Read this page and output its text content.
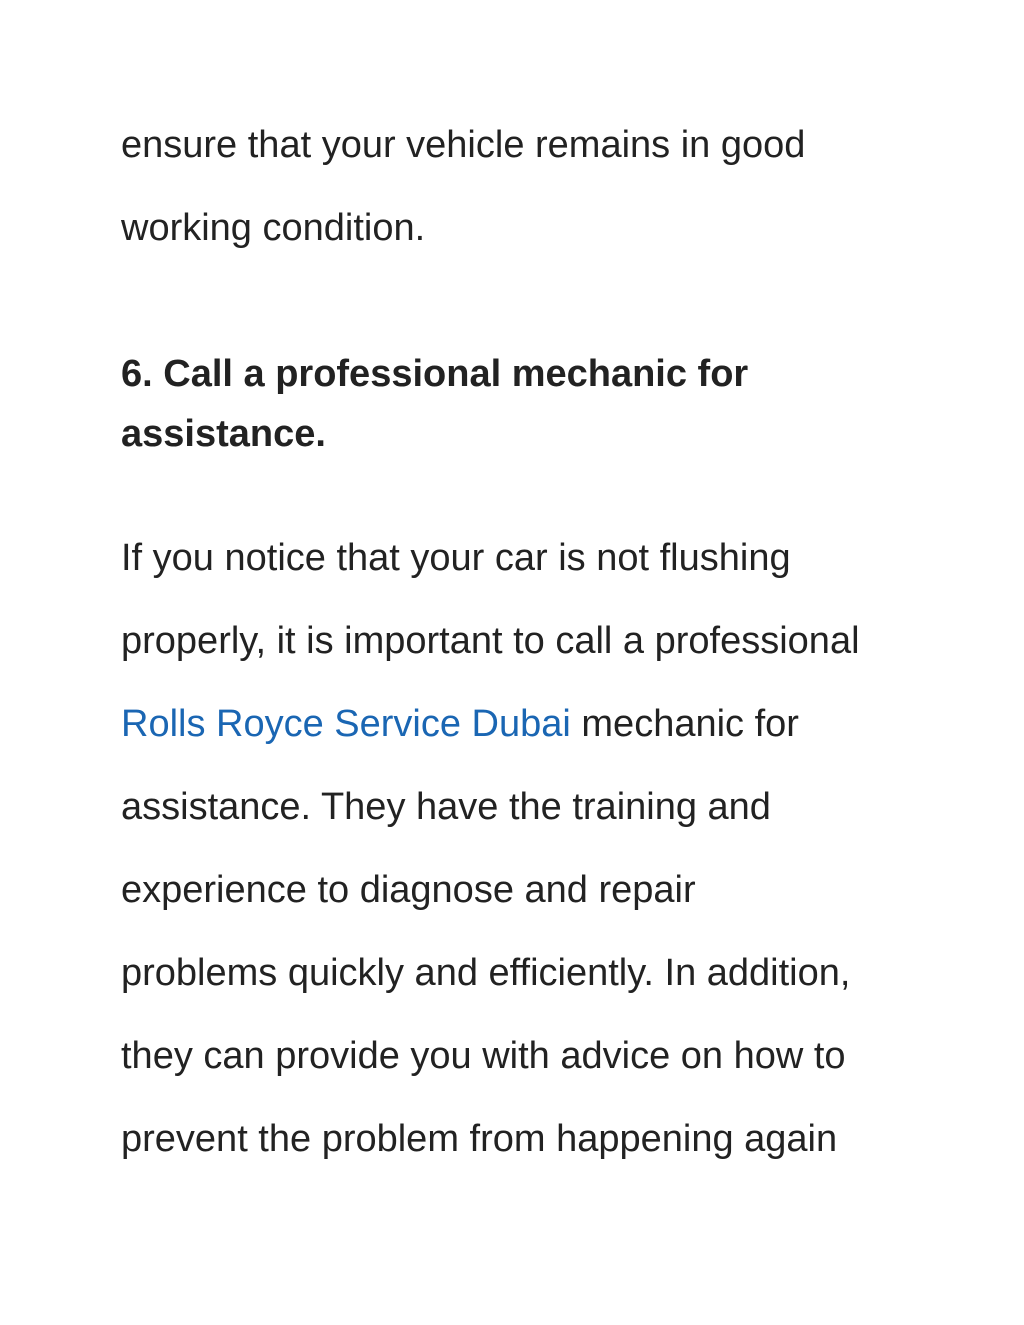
ensure that your vehicle remains in good
working condition.
6. Call a professional mechanic for
assistance.
If you notice that your car is not flushing
properly, it is important to call a professional
Rolls Royce Service Dubai mechanic for
assistance. They have the training and
experience to diagnose and repair
problems quickly and efficiently. In addition,
they can provide you with advice on how to
prevent the problem from happening again
